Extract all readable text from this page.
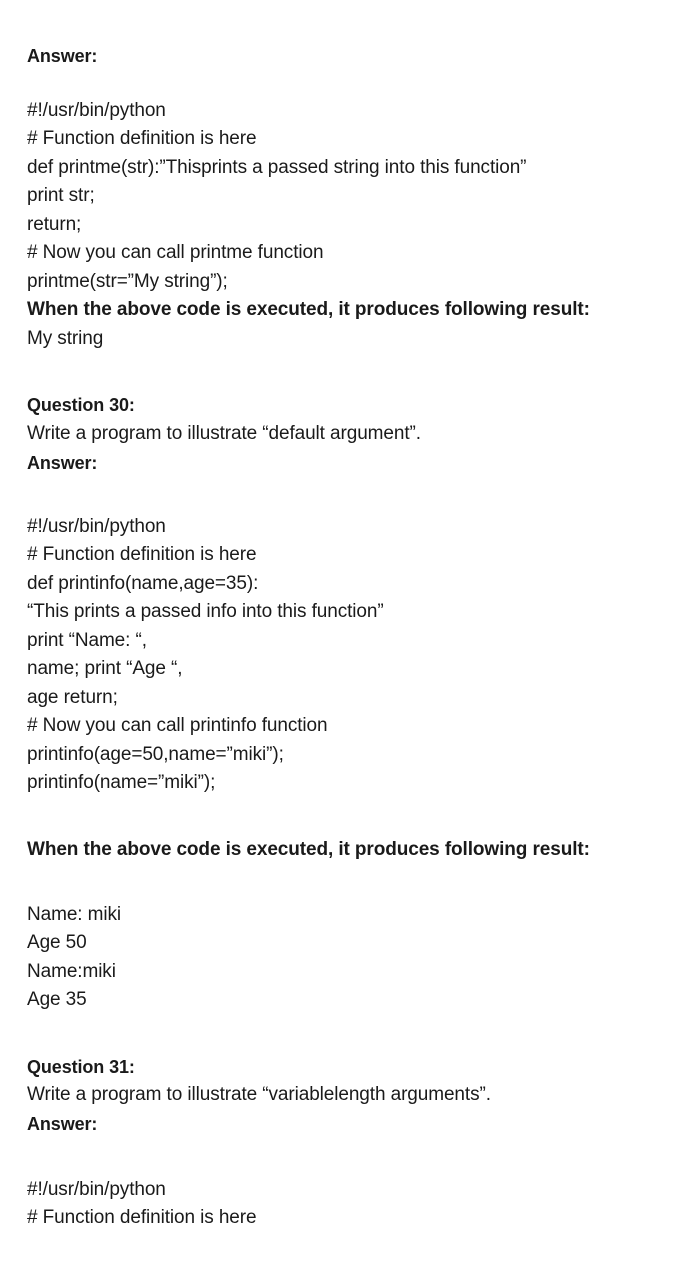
Answer:
#!/usr/bin/python
# Function definition is here
def printme(str):”Thisprints a passed string into this function”
print str;
return;
# Now you can call printme function
printme(str=”My string”);
When the above code is executed, it produces following result:
My string
Question 30:
Write a program to illustrate “default argument”.
Answer:
#!/usr/bin/python
# Function definition is here
def printinfo(name,age=35):
“This prints a passed info into this function”
print “Name: “,
name; print “Age “,
age return;
# Now you can call printinfo function
printinfo(age=50,name=”miki”);
printinfo(name=”miki”);
When the above code is executed, it produces following result:
Name: miki
Age 50
Name:miki
Age 35
Question 31:
Write a program to illustrate “variablelength arguments”.
Answer:
#!/usr/bin/python
# Function definition is here
